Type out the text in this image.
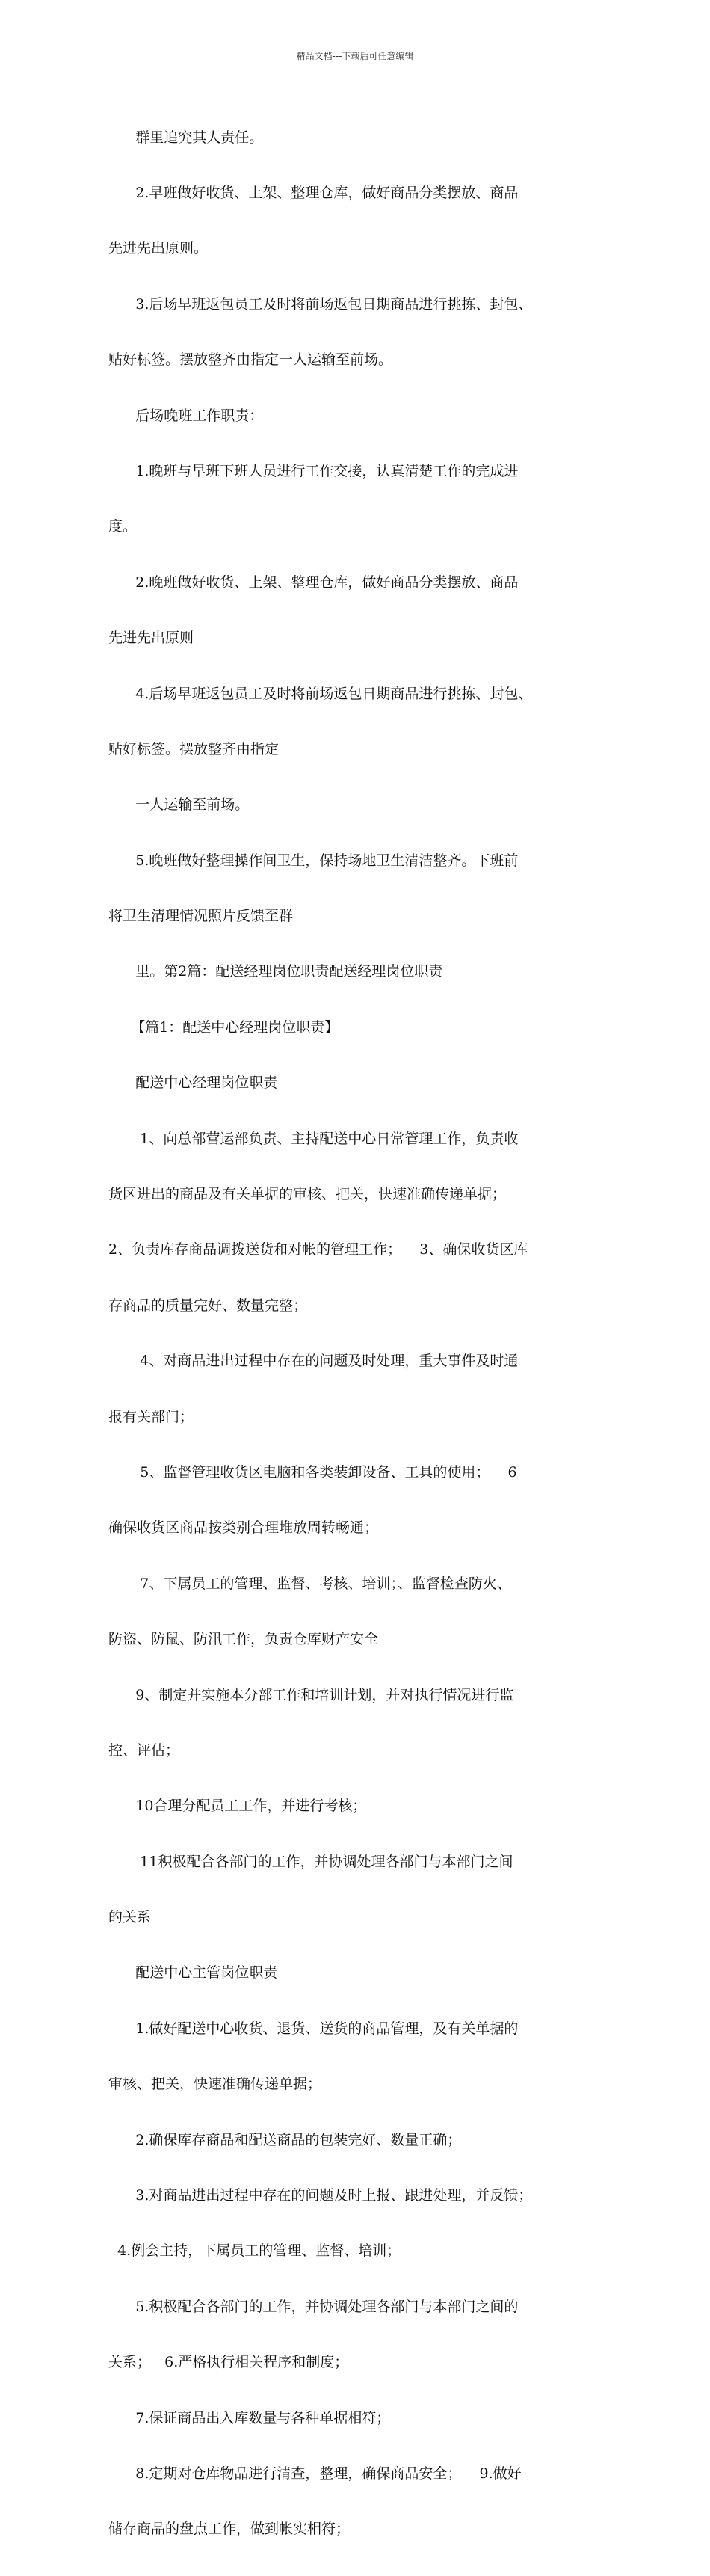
精品文档---下载后可任意编辑

群里追究其人责任。

2.早班做好收货、上架、整理仓库，做好商品分类摆放、商品

先进先出原则。

3.后场早班返包员工及时将前场返包日期商品进行挑拣、封包、

贴好标签。摆放整齐由指定一人运输至前场。

后场晚班工作职责：

1.晚班与早班下班人员进行工作交接，认真清楚工作的完成进

度。

2.晚班做好收货、上架、整理仓库，做好商品分类摆放、商品

先进先出原则

4.后场早班返包员工及时将前场返包日期商品进行挑拣、封包、

贴好标签。摆放整齐由指定

一人运输至前场。

5.晚班做好整理操作间卫生，保持场地卫生清洁整齐。下班前

将卫生清理情况照片反馈至群

里。第2篇：配送经理岗位职责配送经理岗位职责

【篇1：配送中心经理岗位职责】

配送中心经理岗位职责

1、向总部营运部负责、主持配送中心日常管理工作，负责收

货区进出的商品及有关单据的审核、把关，快速准确传递单据；

2、负责库存商品调拨送货和对帐的管理工作；    3、确保收货区库

存商品的质量完好、数量完整；

4、对商品进出过程中存在的问题及时处理，重大事件及时通

报有关部门；

5、监督管理收货区电脑和各类装卸设备、工具的使用；    6

确保收货区商品按类别合理堆放周转畅通；

7、下属员工的管理、监督、考核、培训；、监督检查防火、

防盗、防鼠、防汛工作，负责仓库财产安全

9、制定并实施本分部工作和培训计划，并对执行情况进行监

控、评估；

10合理分配员工工作，并进行考核；

11积极配合各部门的工作，并协调处理各部门与本部门之间

的关系

配送中心主管岗位职责

1.做好配送中心收货、退货、送货的商品管理，及有关单据的

审核、把关，快速准确传递单据；

2.确保库存商品和配送商品的包装完好、数量正确；

3.对商品进出过程中存在的问题及时上报、跟进处理，并反馈；

4.例会主持，下属员工的管理、监督、培训；

5.积极配合各部门的工作，并协调处理各部门与本部门之间的

关系；   6.严格执行相关程序和制度；

7.保证商品出入库数量与各种单据相符；

8.定期对仓库物品进行清查，整理，确保商品安全；    9.做好

储存商品的盘点工作，做到帐实相符；
